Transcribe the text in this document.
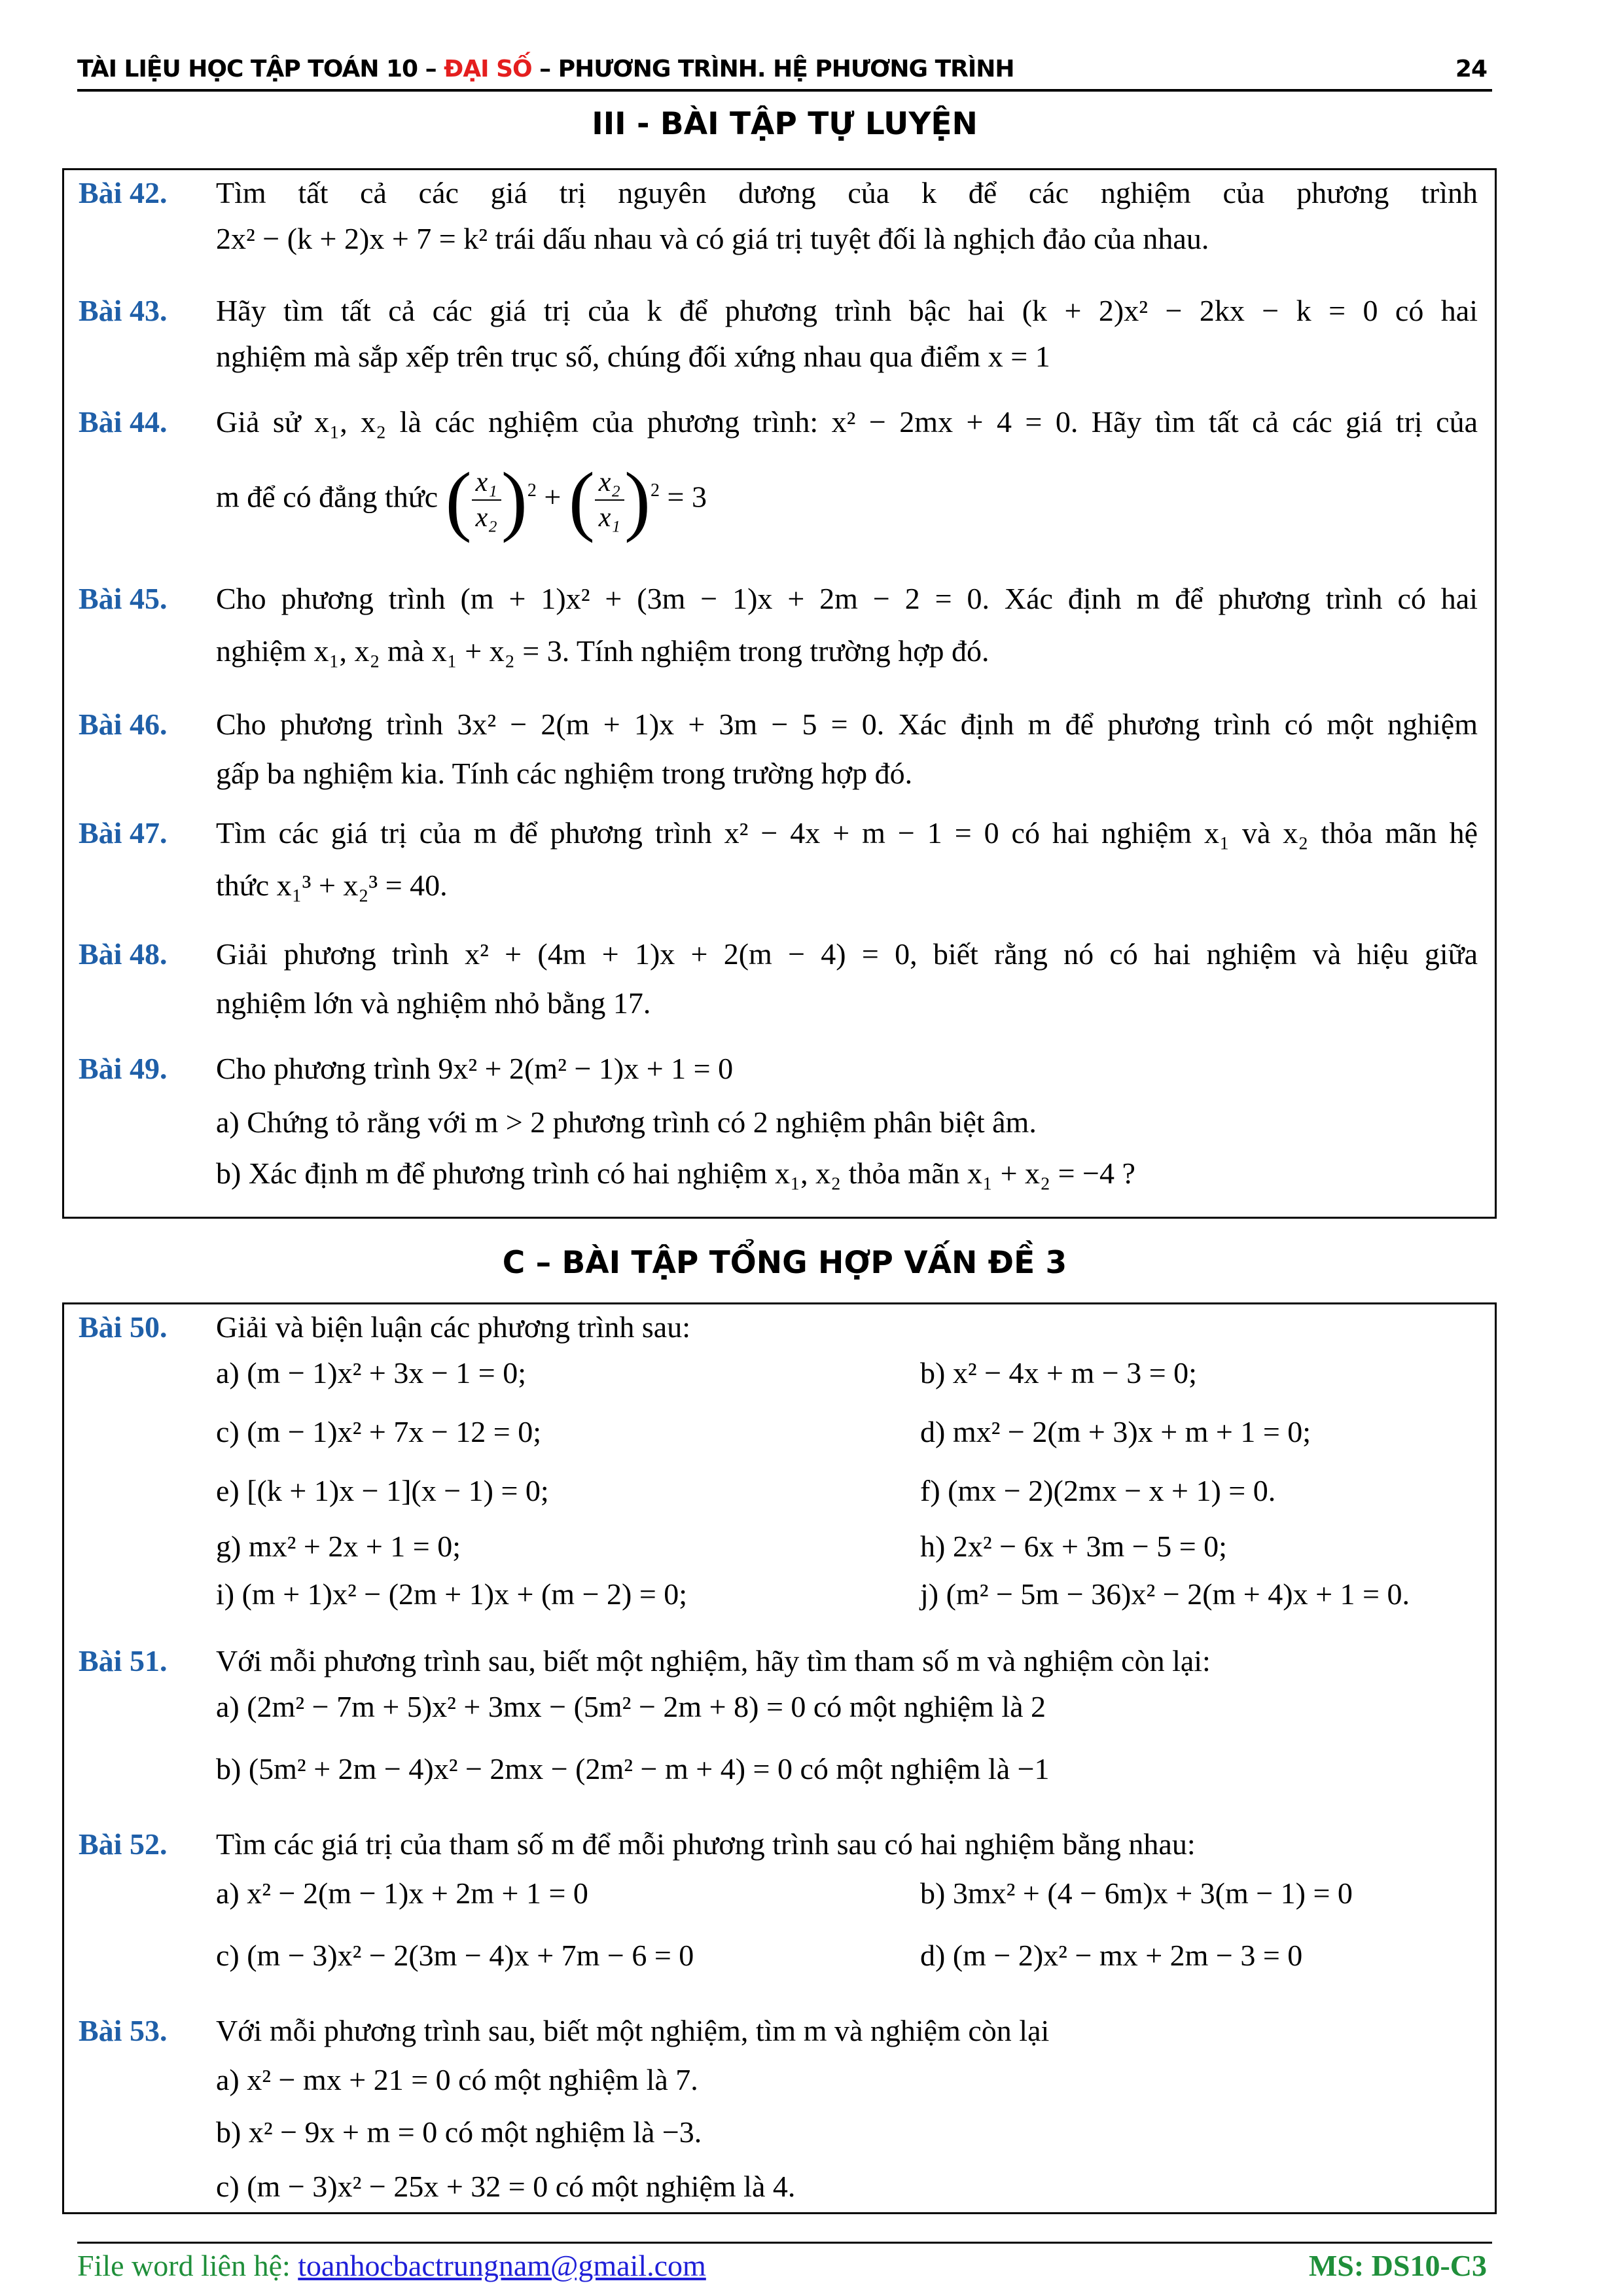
TÀI LIỆU HỌC TẬP TOÁN 10 – ĐẠI SỐ – PHƯƠNG TRÌNH. HỆ PHƯƠNG TRÌNH	24
III - BÀI TẬP TỰ LUYỆN
Bài 42. Tìm tất cả các giá trị nguyên dương của k để các nghiệm của phương trình
2x² − (k + 2)x + 7 = k² trái dấu nhau và có giá trị tuyệt đối là nghịch đảo của nhau.
Bài 43. Hãy tìm tất cả các giá trị của k để phương trình bậc hai (k + 2)x² − 2kx − k = 0 có hai
nghiệm mà sắp xếp trên trục số, chúng đối xứng nhau qua điểm x = 1
Bài 44. Giả sử x₁, x₂ là các nghiệm của phương trình: x² − 2mx + 4 = 0. Hãy tìm tất cả các giá trị của
m để có đẳng thức ( $\frac{\text{x₁}}{\text{x₂}} )^2$ + ( $\frac{\text{x₂}}{\text{x₁}} )^2 = 3$
Bài 45. Cho phương trình (m + 1)x² + (3m − 1)x + 2m − 2 = 0. Xác định m để phương trình có hai
nghiệm x₁, x₂ mà x₁ + x₂ = 3. Tính nghiệm trong trường hợp đó.
Bài 46. Cho phương trình 3x² − 2(m + 1)x + 3m − 5 = 0. Xác định m để phương trình có một nghiệm
gấp ba nghiệm kia. Tính các nghiệm trong trường hợp đó.
Bài 47. Tìm các giá trị của m để phương trình x² − 4x + m − 1 = 0 có hai nghiệm x₁ và x₂ thỏa mãn hệ
thức x₁³ + x₂³ = 40.
Bài 48. Giải phương trình x² + (4m + 1)x + 2(m − 4) = 0, biết rằng nó có hai nghiệm và hiệu giữa
nghiệm lớn và nghiệm nhỏ bằng 17.
Bài 49. Cho phương trình 9x² + 2(m² − 1)x + 1 = 0
a) Chứng tỏ rằng với m > 2 phương trình có 2 nghiệm phân biệt âm.
b) Xác định m để phương trình có hai nghiệm x₁, x₂ thỏa mãn x₁ + x₂ = −4 ?
C – BÀI TẬP TỔNG HỢP VẤN ĐỀ 3
Bài 50. Giải và biện luận các phương trình sau:
a) (m − 1)x² + 3x − 1 = 0;	b) x² − 4x + m − 3 = 0;
c) (m − 1)x² + 7x − 12 = 0;	d) mx² − 2(m + 3)x + m + 1 = 0;
e) [(k + 1)x − 1](x − 1) = 0;	f) (mx − 2)(2mx − x + 1) = 0.
g) mx² + 2x + 1 = 0;	h) 2x² − 6x + 3m − 5 = 0;
i) (m + 1)x² − (2m + 1)x + (m − 2) = 0;	j) (m² − 5m − 36)x² − 2(m + 4)x + 1 = 0.
Bài 51. Với mỗi phương trình sau, biết một nghiệm, hãy tìm tham số m và nghiệm còn lại:
a) (2m² − 7m + 5)x² + 3mx − (5m² − 2m + 8) = 0 có một nghiệm là 2
b) (5m² + 2m − 4)x² − 2mx − (2m² − m + 4) = 0 có một nghiệm là −1
Bài 52. Tìm các giá trị của tham số m để mỗi phương trình sau có hai nghiệm bằng nhau:
a) x² − 2(m − 1)x + 2m + 1 = 0	b) 3mx² + (4 − 6m)x + 3(m − 1) = 0
c) (m − 3)x² − 2(3m − 4)x + 7m − 6 = 0	d) (m − 2)x² − mx + 2m − 3 = 0
Bài 53. Với mỗi phương trình sau, biết một nghiệm, tìm m và nghiệm còn lại
a) x² − mx + 21 = 0 có một nghiệm là 7.
b) x² − 9x + m = 0 có một nghiệm là −3.
c) (m − 3)x² − 25x + 32 = 0 có một nghiệm là 4.
File word liên hệ: toanhocbactrungnam@gmail.com	MS: DS10-C3
